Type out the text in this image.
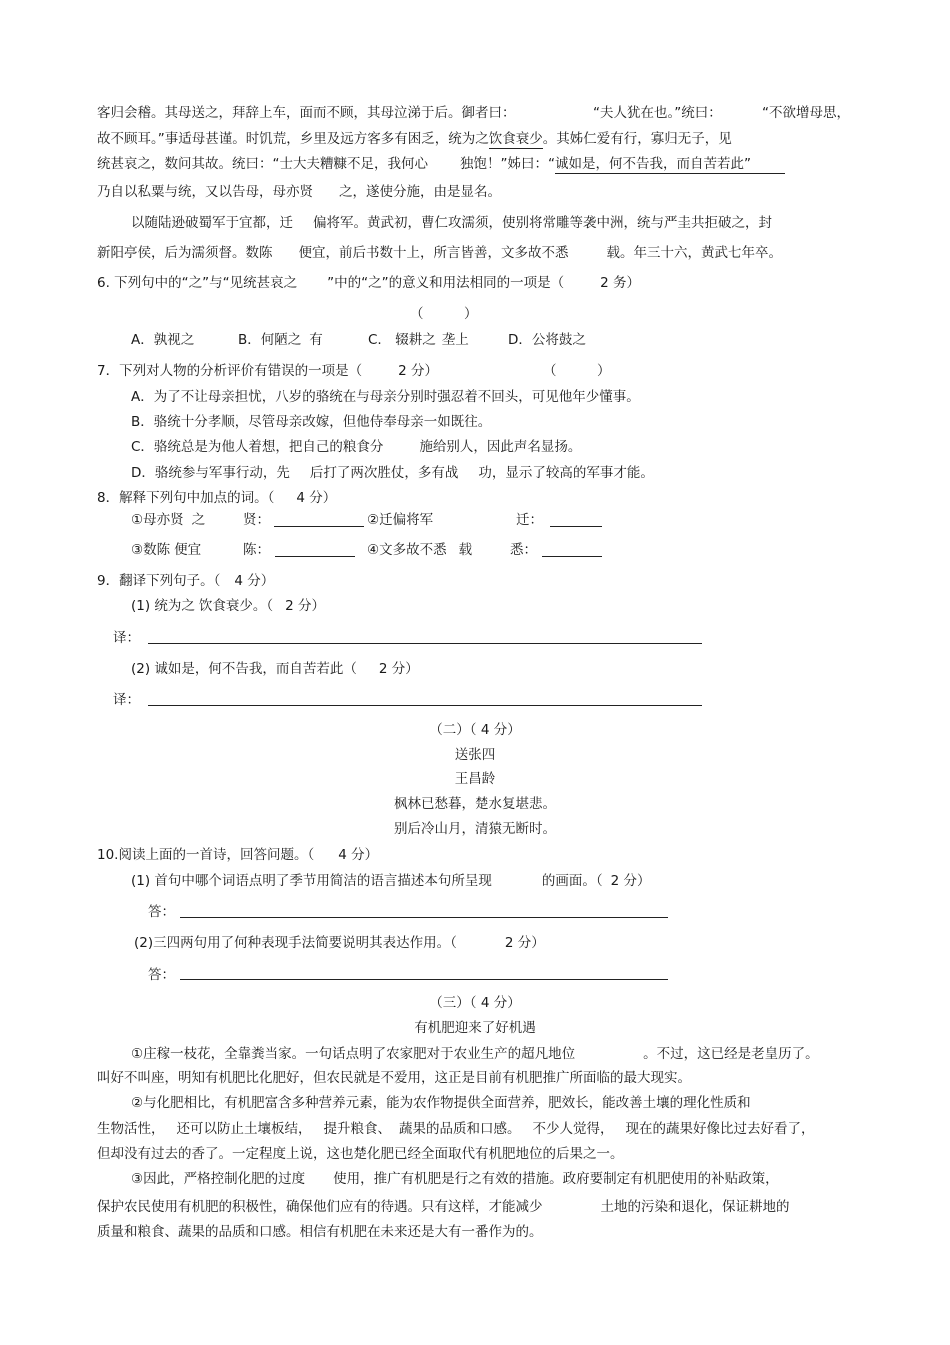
客归会稽。其母送之，拜辞上车，面而不顾，其母泣涕于后。御者曰：	“夫人犹在也。”统曰：	“不欲增母思，
故不顾耳。”事适母甚谨。时饥荒，乡里及远方客多有困乏，统为之饮食衰少。其姊仁爱有行，寡归无子，见
统甚哀之，数问其故。统曰：“士大夫糟糠不足，我何心 独饱！”姊曰：“诚如是，何不告我，而自苦若此”
乃自以私粟与统，又以告母，母亦贤 之，遂使分施，由是显名。
以随陆逊破蜀军于宜都，迁 偏将军。黄武初，曹仁攻濡须，使别将常雕等袭中洲，统与严圭共拒破之，封
新阳亭侯，后为濡须督。数陈 便宜，前后书数十上，所言皆善，文多故不悉	载。年三十六，黄武七年卒。
6. 下列句中的“之”与“见统甚哀之 ”中的“之”的意义和用法相同的一项是（	2 务）
（　　　）
A．孰视之	B．何陋之 有	C.　辍耕之 垄上	D．公将鼓之
7．下列对人物的分析评价有错误的一项是（	2 分）	（　　　）
A．为了不让母亲担忧，八岁的骆统在与母亲分别时强忍着不回头，可见他年少懂事。
B．骆统十分孝顺，尽管母亲改嫁，但他侍奉母亲一如既往。
C．骆统总是为他人着想，把自己的粮食分	施给别人，因此声名显扬。
D．骆统参与军事行动，先 后打了两次胜仗，多有战 功，显示了较高的军事才能。
8．解释下列句中加点的词。（ 4 分）
①母亦贤 之	贤：	②迁偏将军	迁：
③数陈 便宜	陈：	④文多故不悉 载	悉：
9．翻译下列句子。（ 4 分）
(1) 统为之 饮食衰少。（ 2 分）
译：
(2) 诚如是，何不告我，而自苦若此（ 2 分）
译：
（二）（ 4 分）
送张四
王昌龄
枫林已愁暮，楚水复堪悲。
别后冷山月，清猿无断时。
10.阅读上面的一首诗，回答问题。（ 4 分）
(1) 首句中哪个词语点明了季节用简洁的语言描述本句所呈现	的画面。（ 2 分）
答：
(2)三四两句用了何种表现手法简要说明其表达作用。（	2 分）
答：
（三）（ 4 分）
有机肥迎来了好机遇
①庄稼一枝花，全靠粪当家。一句话点明了农家肥对于农业生产的超凡地位	。不过，这已经是老皇历了。
叫好不叫座，明知有机肥比化肥好，但农民就是不爱用，这正是目前有机肥推广所面临的最大现实。
②与化肥相比，有机肥富含多种营养元素，能为农作物提供全面营养，肥效长，能改善土壤的理化性质和
生物活性， 还可以防止土壤板结， 提升粮食、 蔬果的品质和口感。 不少人觉得， 现在的蔬果好像比过去好看了，
但却没有过去的香了。一定程度上说，这也楚化肥已经全面取代有机肥地位的后果之一。
③因此，严格控制化肥的过度 使用，推广有机肥是行之有效的措施。政府要制定有机肥使用的补贴政策，
保护农民使用有机肥的积极性，确保他们应有的待遇。只有这样，才能减少	土地的污染和退化，保证耕地的
质量和粮食、蔬果的品质和口感。相信有机肥在未来还是大有一番作为的。
